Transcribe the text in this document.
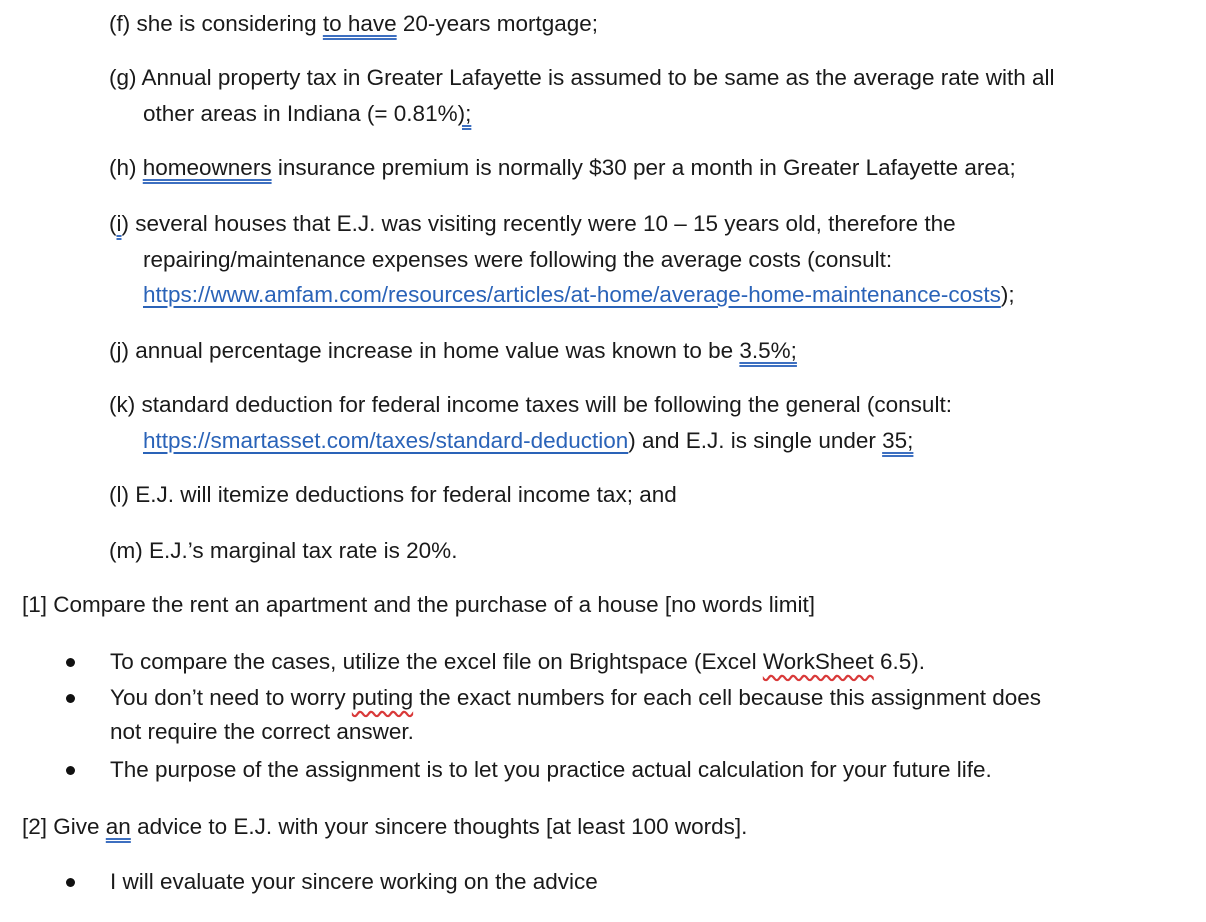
(f) she is considering to have 20-years mortgage;
(g) Annual property tax in Greater Lafayette is assumed to be same as the average rate with all
other areas in Indiana (= 0.81%);
(h) homeowners insurance premium is normally $30 per a month in Greater Lafayette area;
(i) several houses that E.J. was visiting recently were 10 – 15 years old, therefore the
repairing/maintenance expenses were following the average costs (consult:
https://www.amfam.com/resources/articles/at-home/average-home-maintenance-costs);
(j) annual percentage increase in home value was known to be 3.5%;
(k) standard deduction for federal income taxes will be following the general (consult:
https://smartasset.com/taxes/standard-deduction) and E.J. is single under 35;
(l) E.J. will itemize deductions for federal income tax; and
(m) E.J.’s marginal tax rate is 20%.
[1] Compare the rent an apartment and the purchase of a house [no words limit]
To compare the cases, utilize the excel file on Brightspace (Excel WorkSheet 6.5).
You don’t need to worry puting the exact numbers for each cell because this assignment does
not require the correct answer.
The purpose of the assignment is to let you practice actual calculation for your future life.
[2] Give an advice to E.J. with your sincere thoughts [at least 100 words].
I will evaluate your sincere working on the advice
